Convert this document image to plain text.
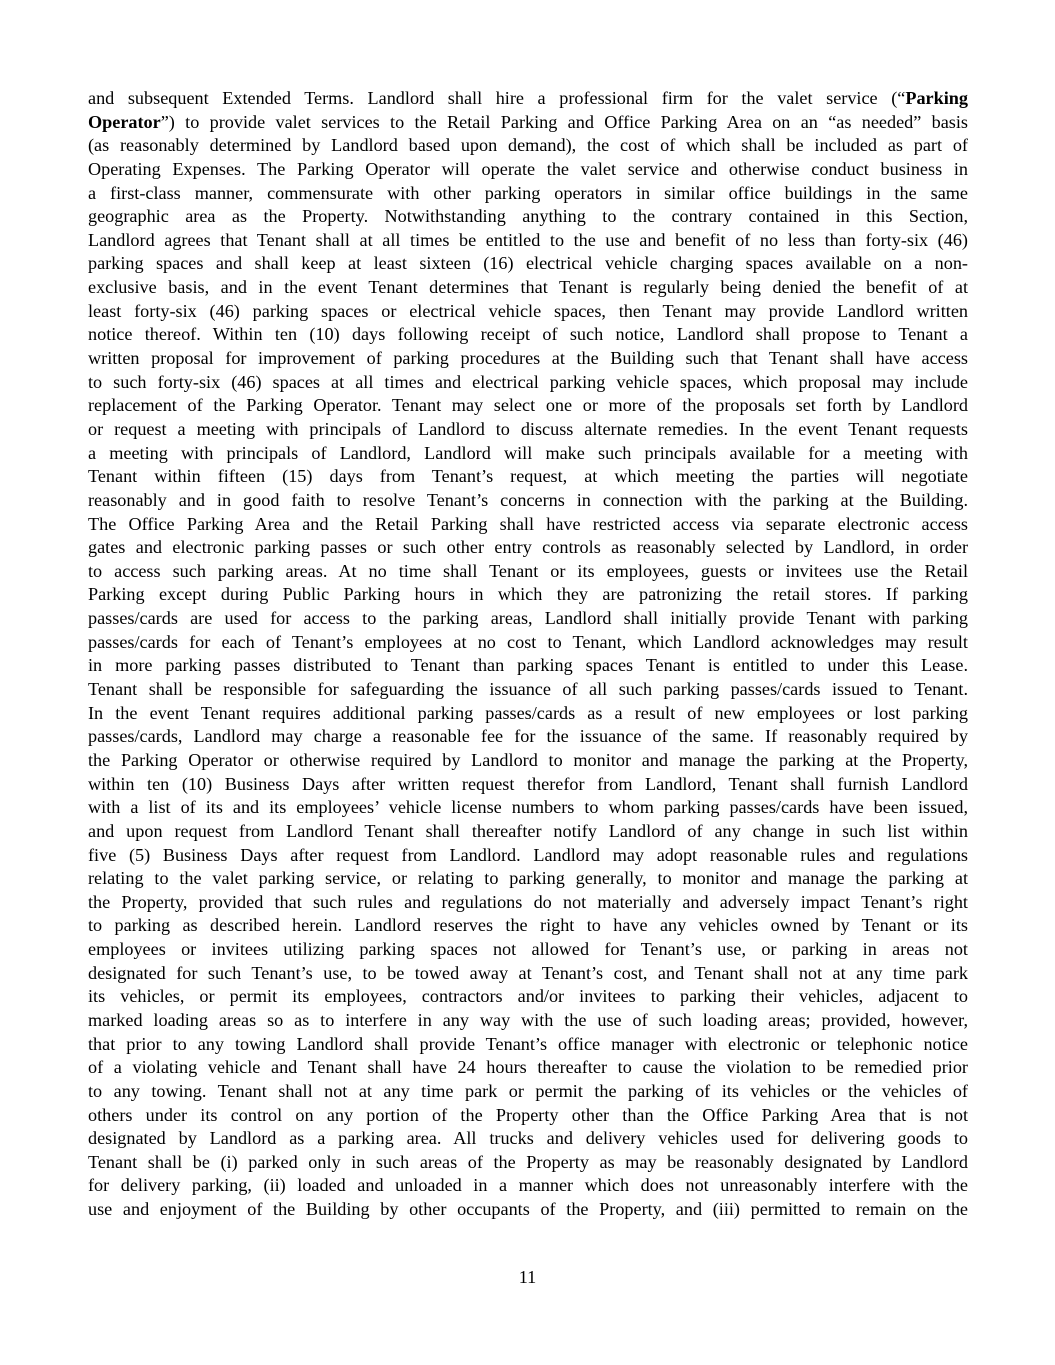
and subsequent Extended Terms. Landlord shall hire a professional firm for the valet service (“Parking
Operator”) to provide valet services to the Retail Parking and Office Parking Area on an “as needed” basis
(as reasonably determined by Landlord based upon demand), the cost of which shall be included as part of
Operating Expenses. The Parking Operator will operate the valet service and otherwise conduct business in
a first-class manner, commensurate with other parking operators in similar office buildings in the same
geographic area as the Property. Notwithstanding anything to the contrary contained in this Section,
Landlord agrees that Tenant shall at all times be entitled to the use and benefit of no less than forty-six (46)
parking spaces and shall keep at least sixteen (16) electrical vehicle charging spaces available on a non-
exclusive basis, and in the event Tenant determines that Tenant is regularly being denied the benefit of at
least forty-six (46) parking spaces or electrical vehicle spaces, then Tenant may provide Landlord written
notice thereof. Within ten (10) days following receipt of such notice, Landlord shall propose to Tenant a
written proposal for improvement of parking procedures at the Building such that Tenant shall have access
to such forty-six (46) spaces at all times and electrical parking vehicle spaces, which proposal may include
replacement of the Parking Operator. Tenant may select one or more of the proposals set forth by Landlord
or request a meeting with principals of Landlord to discuss alternate remedies. In the event Tenant requests
a meeting with principals of Landlord, Landlord will make such principals available for a meeting with
Tenant within fifteen (15) days from Tenant’s request, at which meeting the parties will negotiate
reasonably and in good faith to resolve Tenant’s concerns in connection with the parking at the Building.
The Office Parking Area and the Retail Parking shall have restricted access via separate electronic access
gates and electronic parking passes or such other entry controls as reasonably selected by Landlord, in order
to access such parking areas. At no time shall Tenant or its employees, guests or invitees use the Retail
Parking except during Public Parking hours in which they are patronizing the retail stores. If parking
passes/cards are used for access to the parking areas, Landlord shall initially provide Tenant with parking
passes/cards for each of Tenant’s employees at no cost to Tenant, which Landlord acknowledges may result
in more parking passes distributed to Tenant than parking spaces Tenant is entitled to under this Lease.
Tenant shall be responsible for safeguarding the issuance of all such parking passes/cards issued to Tenant.
In the event Tenant requires additional parking passes/cards as a result of new employees or lost parking
passes/cards, Landlord may charge a reasonable fee for the issuance of the same. If reasonably required by
the Parking Operator or otherwise required by Landlord to monitor and manage the parking at the Property,
within ten (10) Business Days after written request therefor from Landlord, Tenant shall furnish Landlord
with a list of its and its employees’ vehicle license numbers to whom parking passes/cards have been issued,
and upon request from Landlord Tenant shall thereafter notify Landlord of any change in such list within
five (5) Business Days after request from Landlord. Landlord may adopt reasonable rules and regulations
relating to the valet parking service, or relating to parking generally, to monitor and manage the parking at
the Property, provided that such rules and regulations do not materially and adversely impact Tenant’s right
to parking as described herein. Landlord reserves the right to have any vehicles owned by Tenant or its
employees or invitees utilizing parking spaces not allowed for Tenant’s use, or parking in areas not
designated for such Tenant’s use, to be towed away at Tenant’s cost, and Tenant shall not at any time park
its vehicles, or permit its employees, contractors and/or invitees to parking their vehicles, adjacent to
marked loading areas so as to interfere in any way with the use of such loading areas; provided, however,
that prior to any towing Landlord shall provide Tenant’s office manager with electronic or telephonic notice
of a violating vehicle and Tenant shall have 24 hours thereafter to cause the violation to be remedied prior
to any towing. Tenant shall not at any time park or permit the parking of its vehicles or the vehicles of
others under its control on any portion of the Property other than the Office Parking Area that is not
designated by Landlord as a parking area. All trucks and delivery vehicles used for delivering goods to
Tenant shall be (i) parked only in such areas of the Property as may be reasonably designated by Landlord
for delivery parking, (ii) loaded and unloaded in a manner which does not unreasonably interfere with the
use and enjoyment of the Building by other occupants of the Property, and (iii) permitted to remain on the

11
